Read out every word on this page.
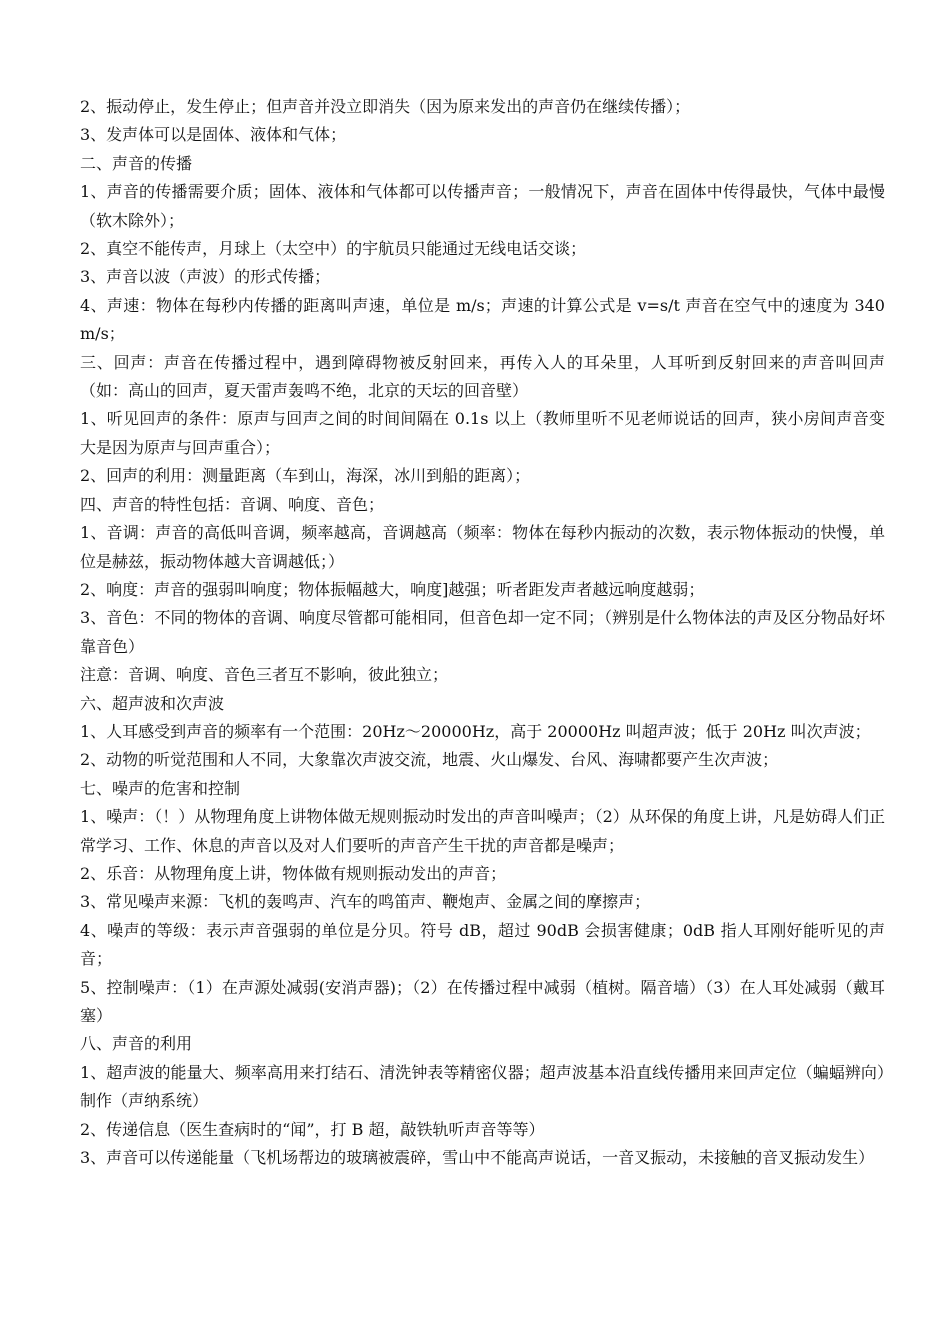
2、振动停止，发生停止；但声音并没立即消失（因为原来发出的声音仍在继续传播）；

3、发声体可以是固体、液体和气体；

二、声音的传播

1、声音的传播需要介质；固体、液体和气体都可以传播声音；一般情况下，声音在固体中传得最快，气体中最慢（软木除外）；

2、真空不能传声，月球上（太空中）的宇航员只能通过无线电话交谈；

3、声音以波（声波）的形式传播；

4、声速：物体在每秒内传播的距离叫声速，单位是 m/s；声速的计算公式是 v=s/t 声音在空气中的速度为 340m/s；

三、回声：声音在传播过程中，遇到障碍物被反射回来，再传入人的耳朵里，人耳听到反射回来的声音叫回声（如：高山的回声，夏天雷声轰鸣不绝，北京的天坛的回音壁）

1、听见回声的条件：原声与回声之间的时间间隔在 0.1s 以上（教师里听不见老师说话的回声，狭小房间声音变大是因为原声与回声重合）；

2、回声的利用：测量距离（车到山，海深，冰川到船的距离）；

四、声音的特性包括：音调、响度、音色；

1、音调：声音的高低叫音调，频率越高，音调越高（频率：物体在每秒内振动的次数，表示物体振动的快慢，单位是赫兹，振动物体越大音调越低；）

2、响度：声音的强弱叫响度；物体振幅越大，响度]越强；听者距发声者越远响度越弱；

3、音色：不同的物体的音调、响度尽管都可能相同，但音色却一定不同；（辨别是什么物体法的声及区分物品好坏靠音色）

注意：音调、响度、音色三者互不影响，彼此独立；

六、超声波和次声波

1、人耳感受到声音的频率有一个范围：20Hz～20000Hz，高于 20000Hz 叫超声波；低于 20Hz 叫次声波；

2、动物的听觉范围和人不同，大象靠次声波交流，地震、火山爆发、台风、海啸都要产生次声波；

七、噪声的危害和控制

1、噪声：（！）从物理角度上讲物体做无规则振动时发出的声音叫噪声；（2）从环保的角度上讲，凡是妨碍人们正常学习、工作、休息的声音以及对人们要听的声音产生干扰的声音都是噪声；

2、乐音：从物理角度上讲，物体做有规则振动发出的声音；

3、常见噪声来源：飞机的轰鸣声、汽车的鸣笛声、鞭炮声、金属之间的摩擦声；

4、噪声的等级：表示声音强弱的单位是分贝。符号 dB，超过 90dB 会损害健康；0dB 指人耳刚好能听见的声音；

5、控制噪声：（1）在声源处减弱(安消声器)；（2）在传播过程中减弱（植树。隔音墙）（3）在人耳处减弱（戴耳塞）

八、声音的利用

1、超声波的能量大、频率高用来打结石、清洗钟表等精密仪器；超声波基本沿直线传播用来回声定位（蝙蝠辨向）制作（声纳系统）

2、传递信息（医生查病时的“闻”，打 B 超，敲铁轨听声音等等）

3、声音可以传递能量（飞机场帮边的玻璃被震碎，雪山中不能高声说话，一音叉振动，未接触的音叉振动发生）
